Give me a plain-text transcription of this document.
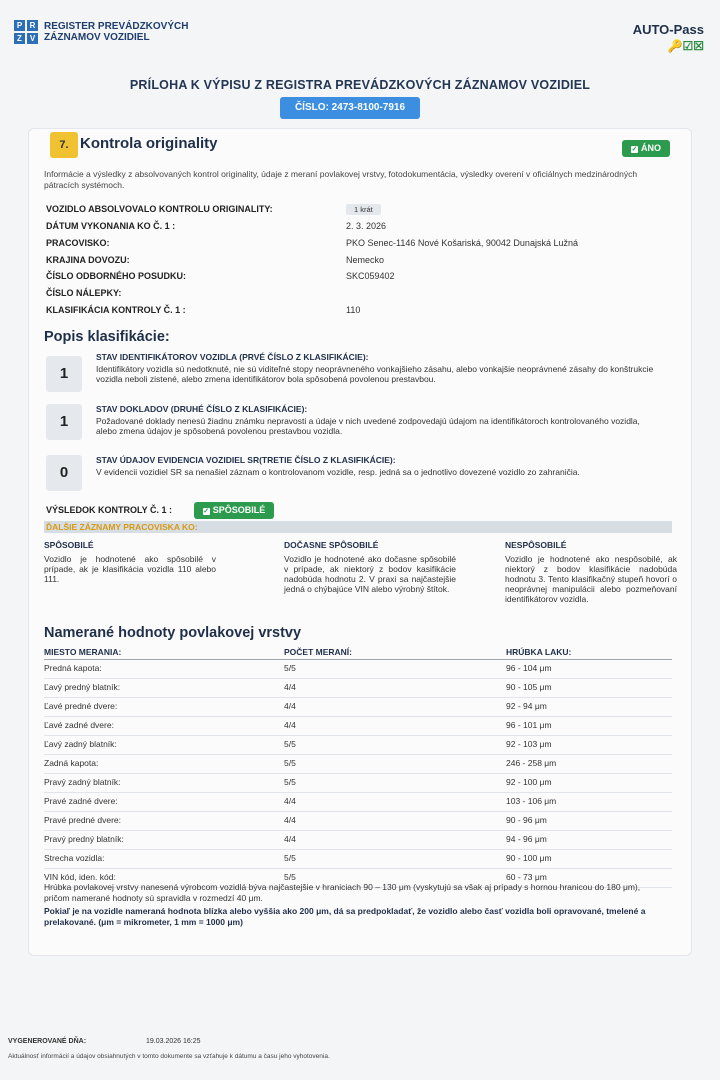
P R
Z V
REGISTER PREVÁDZKOVÝCH
ZÁZNAMOV VOZIDIEL
AUTO-Pass
🔑☑☒
PRÍLOHA K VÝPISU Z REGISTRA PREVÁDZKOVÝCH ZÁZNAMOV VOZIDIEL
ČÍSLO: 2473-8100-7916
7. Kontrola originality	✓ ÁNO
Informácie a výsledky z absolvovaných kontrol originality, údaje z meraní povlakovej vrstvy, fotodokumentácia, výsledky overení v oficiálnych medzinárodných pátracích systémoch.
VOZIDLO ABSOLVOVALO KONTROLU ORIGINALITY:	1 krát
DÁTUM VYKONANIA KO Č. 1 :	2. 3. 2026
PRACOVISKO:	PKO Senec-1146 Nové Košariská, 90042 Dunajská Lužná
KRAJINA DOVOZU:	Nemecko
ČÍSLO ODBORNÉHO POSUDKU:	SKC059402
ČÍSLO NÁLEPKY:
KLASIFIKÁCIA KONTROLY Č. 1 :	110
Popis klasifikácie:
1
STAV IDENTIFIKÁTOROV VOZIDLA (PRVÉ ČÍSLO Z KLASIFIKÁCIE):
Identifikátory vozidla sú nedotknuté, nie sú viditeľné stopy neoprávneného vonkajšieho zásahu, alebo vonkajšie neoprávnené zásahy do konštrukcie vozidla neboli zistené, alebo zmena identifikátorov bola spôsobená povolenou prestavbou.
1
STAV DOKLADOV (DRUHÉ ČÍSLO Z KLASIFIKÁCIE):
Požadované doklady nenesú žiadnu známku nepravosti a údaje v nich uvedené zodpovedajú údajom na identifikátoroch kontrolovaného vozidla, alebo zmena údajov je spôsobená povolenou prestavbou vozidla.
0
STAV ÚDAJOV EVIDENCIA VOZIDIEL SR(TRETIE ČÍSLO Z KLASIFIKÁCIE):
V evidencii vozidiel SR sa nenašiel záznam o kontrolovanom vozidle, resp. jedná sa o jednotlivo dovezené vozidlo zo zahraničia.
VÝSLEDOK KONTROLY Č. 1 :	✓ SPÔSOBILÉ
ĎALŠIE ZÁZNAMY PRACOVISKA KO:
SPÔSOBILÉ
Vozidlo je hodnotené ako spôsobilé v prípade, ak je klasifikácia vozidla 110 alebo 111.
DOČASNE SPÔSOBILÉ
Vozidlo je hodnotené ako dočasne spôsobilé v prípade, ak niektorý z bodov kasifikácie nadobúda hodnotu 2. V praxi sa najčastejšie jedná o chýbajúce VIN alebo výrobný štítok.
NESPÔSOBILÉ
Vozidlo je hodnotené ako nespôsobilé, ak niektorý z bodov klasifikácie nadobúda hodnotu 3. Tento klasifikačný stupeň hovorí o neoprávnej manipulácii alebo pozmeňovaní identifikátorov vozidla.
Namerané hodnoty povlakovej vrstvy
MIESTO MERANIA:	POČET MERANÍ:	HRÚBKA LAKU:
Predná kapota:	5/5	96 - 104 μm
Ľavý predný blatník:	4/4	90 - 105 μm
Ľavé predné dvere:	4/4	92 - 94 μm
Ľavé zadné dvere:	4/4	96 - 101 μm
Ľavý zadný blatník:	5/5	92 - 103 μm
Zadná kapota:	5/5	246 - 258 μm
Pravý zadný blatník:	5/5	92 - 100 μm
Pravé zadné dvere:	4/4	103 - 106 μm
Pravé predné dvere:	4/4	90 - 96 μm
Pravý predný blatník:	4/4	94 - 96 μm
Strecha vozidla:	5/5	90 - 100 μm
VIN kód, iden. kód:	5/5	60 - 73 μm
Hrúbka povlakovej vrstvy nanesená výrobcom vozidlá býva najčastejšie v hraniciach 90 – 130 μm (vyskytujú sa však aj prípady s hornou hranicou do 180 μm), pričom namerané hodnoty sú spravidla v rozmedzí 40 μm.
Pokiaľ je na vozidle nameraná hodnota blízka alebo vyššia ako 200 μm, dá sa predpokladať, že vozidlo alebo časť vozidla boli opravované, tmelené a prelakované. (μm = mikrometer, 1 mm = 1000 μm)
VYGENEROVANÉ DŇA:	19.03.2026 16:25
Aktuálnosť informácií a údajov obsiahnutých v tomto dokumente sa vzťahuje k dátumu a času jeho vyhotovenia.
